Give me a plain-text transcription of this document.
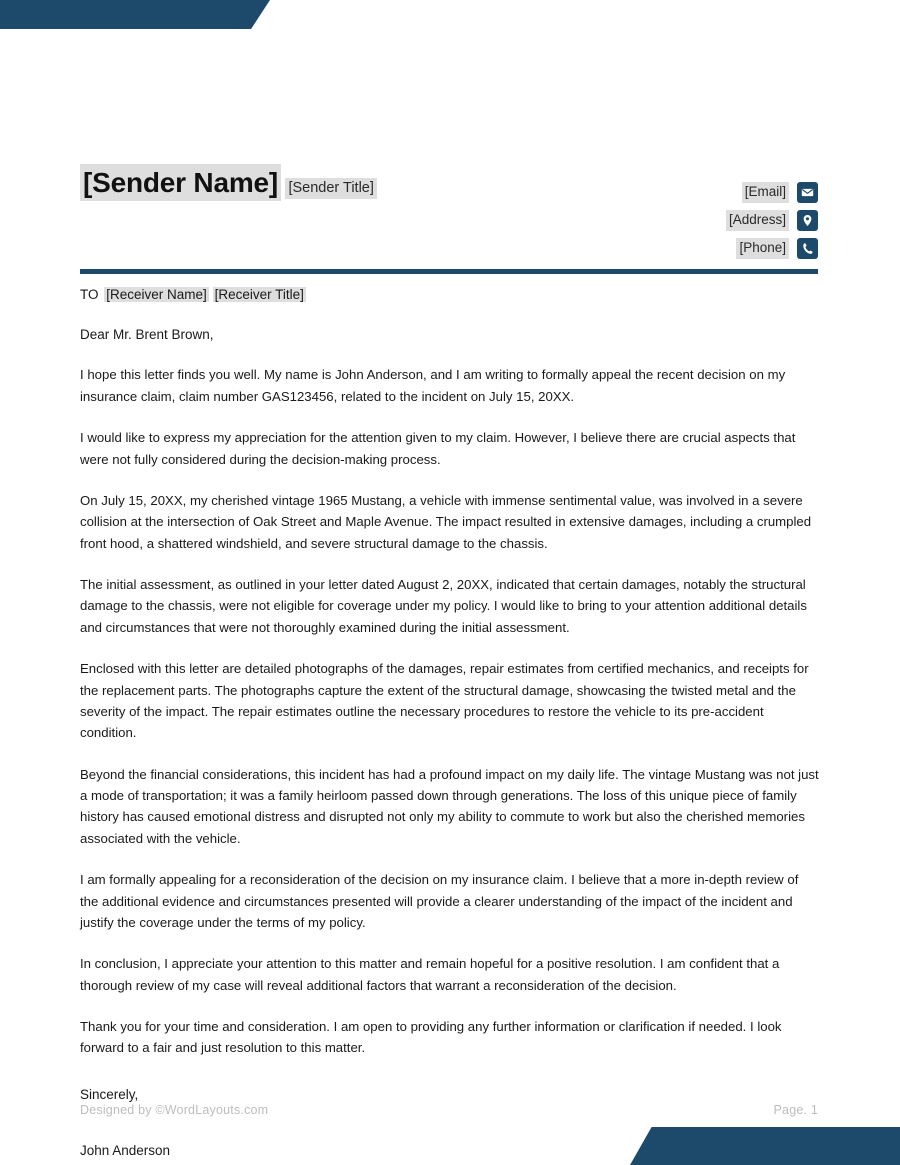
[Sender Name] [Sender Title]	[Email]
[Address]
[Phone]
TO [Receiver Name] [Receiver Title]

Dear Mr. Brent Brown,

I hope this letter finds you well. My name is John Anderson, and I am writing to formally appeal the recent decision on my insurance claim, claim number GAS123456, related to the incident on July 15, 20XX.

I would like to express my appreciation for the attention given to my claim. However, I believe there are crucial aspects that were not fully considered during the decision-making process.

On July 15, 20XX, my cherished vintage 1965 Mustang, a vehicle with immense sentimental value, was involved in a severe collision at the intersection of Oak Street and Maple Avenue. The impact resulted in extensive damages, including a crumpled front hood, a shattered windshield, and severe structural damage to the chassis.

The initial assessment, as outlined in your letter dated August 2, 20XX, indicated that certain damages, notably the structural damage to the chassis, were not eligible for coverage under my policy. I would like to bring to your attention additional details and circumstances that were not thoroughly examined during the initial assessment.

Enclosed with this letter are detailed photographs of the damages, repair estimates from certified mechanics, and receipts for the replacement parts. The photographs capture the extent of the structural damage, showcasing the twisted metal and the severity of the impact. The repair estimates outline the necessary procedures to restore the vehicle to its pre-accident condition.

Beyond the financial considerations, this incident has had a profound impact on my daily life. The vintage Mustang was not just a mode of transportation; it was a family heirloom passed down through generations. The loss of this unique piece of family history has caused emotional distress and disrupted not only my ability to commute to work but also the cherished memories associated with the vehicle.

I am formally appealing for a reconsideration of the decision on my insurance claim. I believe that a more in-depth review of the additional evidence and circumstances presented will provide a clearer understanding of the impact of the incident and justify the coverage under the terms of my policy.

In conclusion, I appreciate your attention to this matter and remain hopeful for a positive resolution. I am confident that a thorough review of my case will reveal additional factors that warrant a reconsideration of the decision.

Thank you for your time and consideration. I am open to providing any further information or clarification if needed. I look forward to a fair and just resolution to this matter.

Sincerely,

John Anderson

Designed by ©WordLayouts.com	Page. 1
